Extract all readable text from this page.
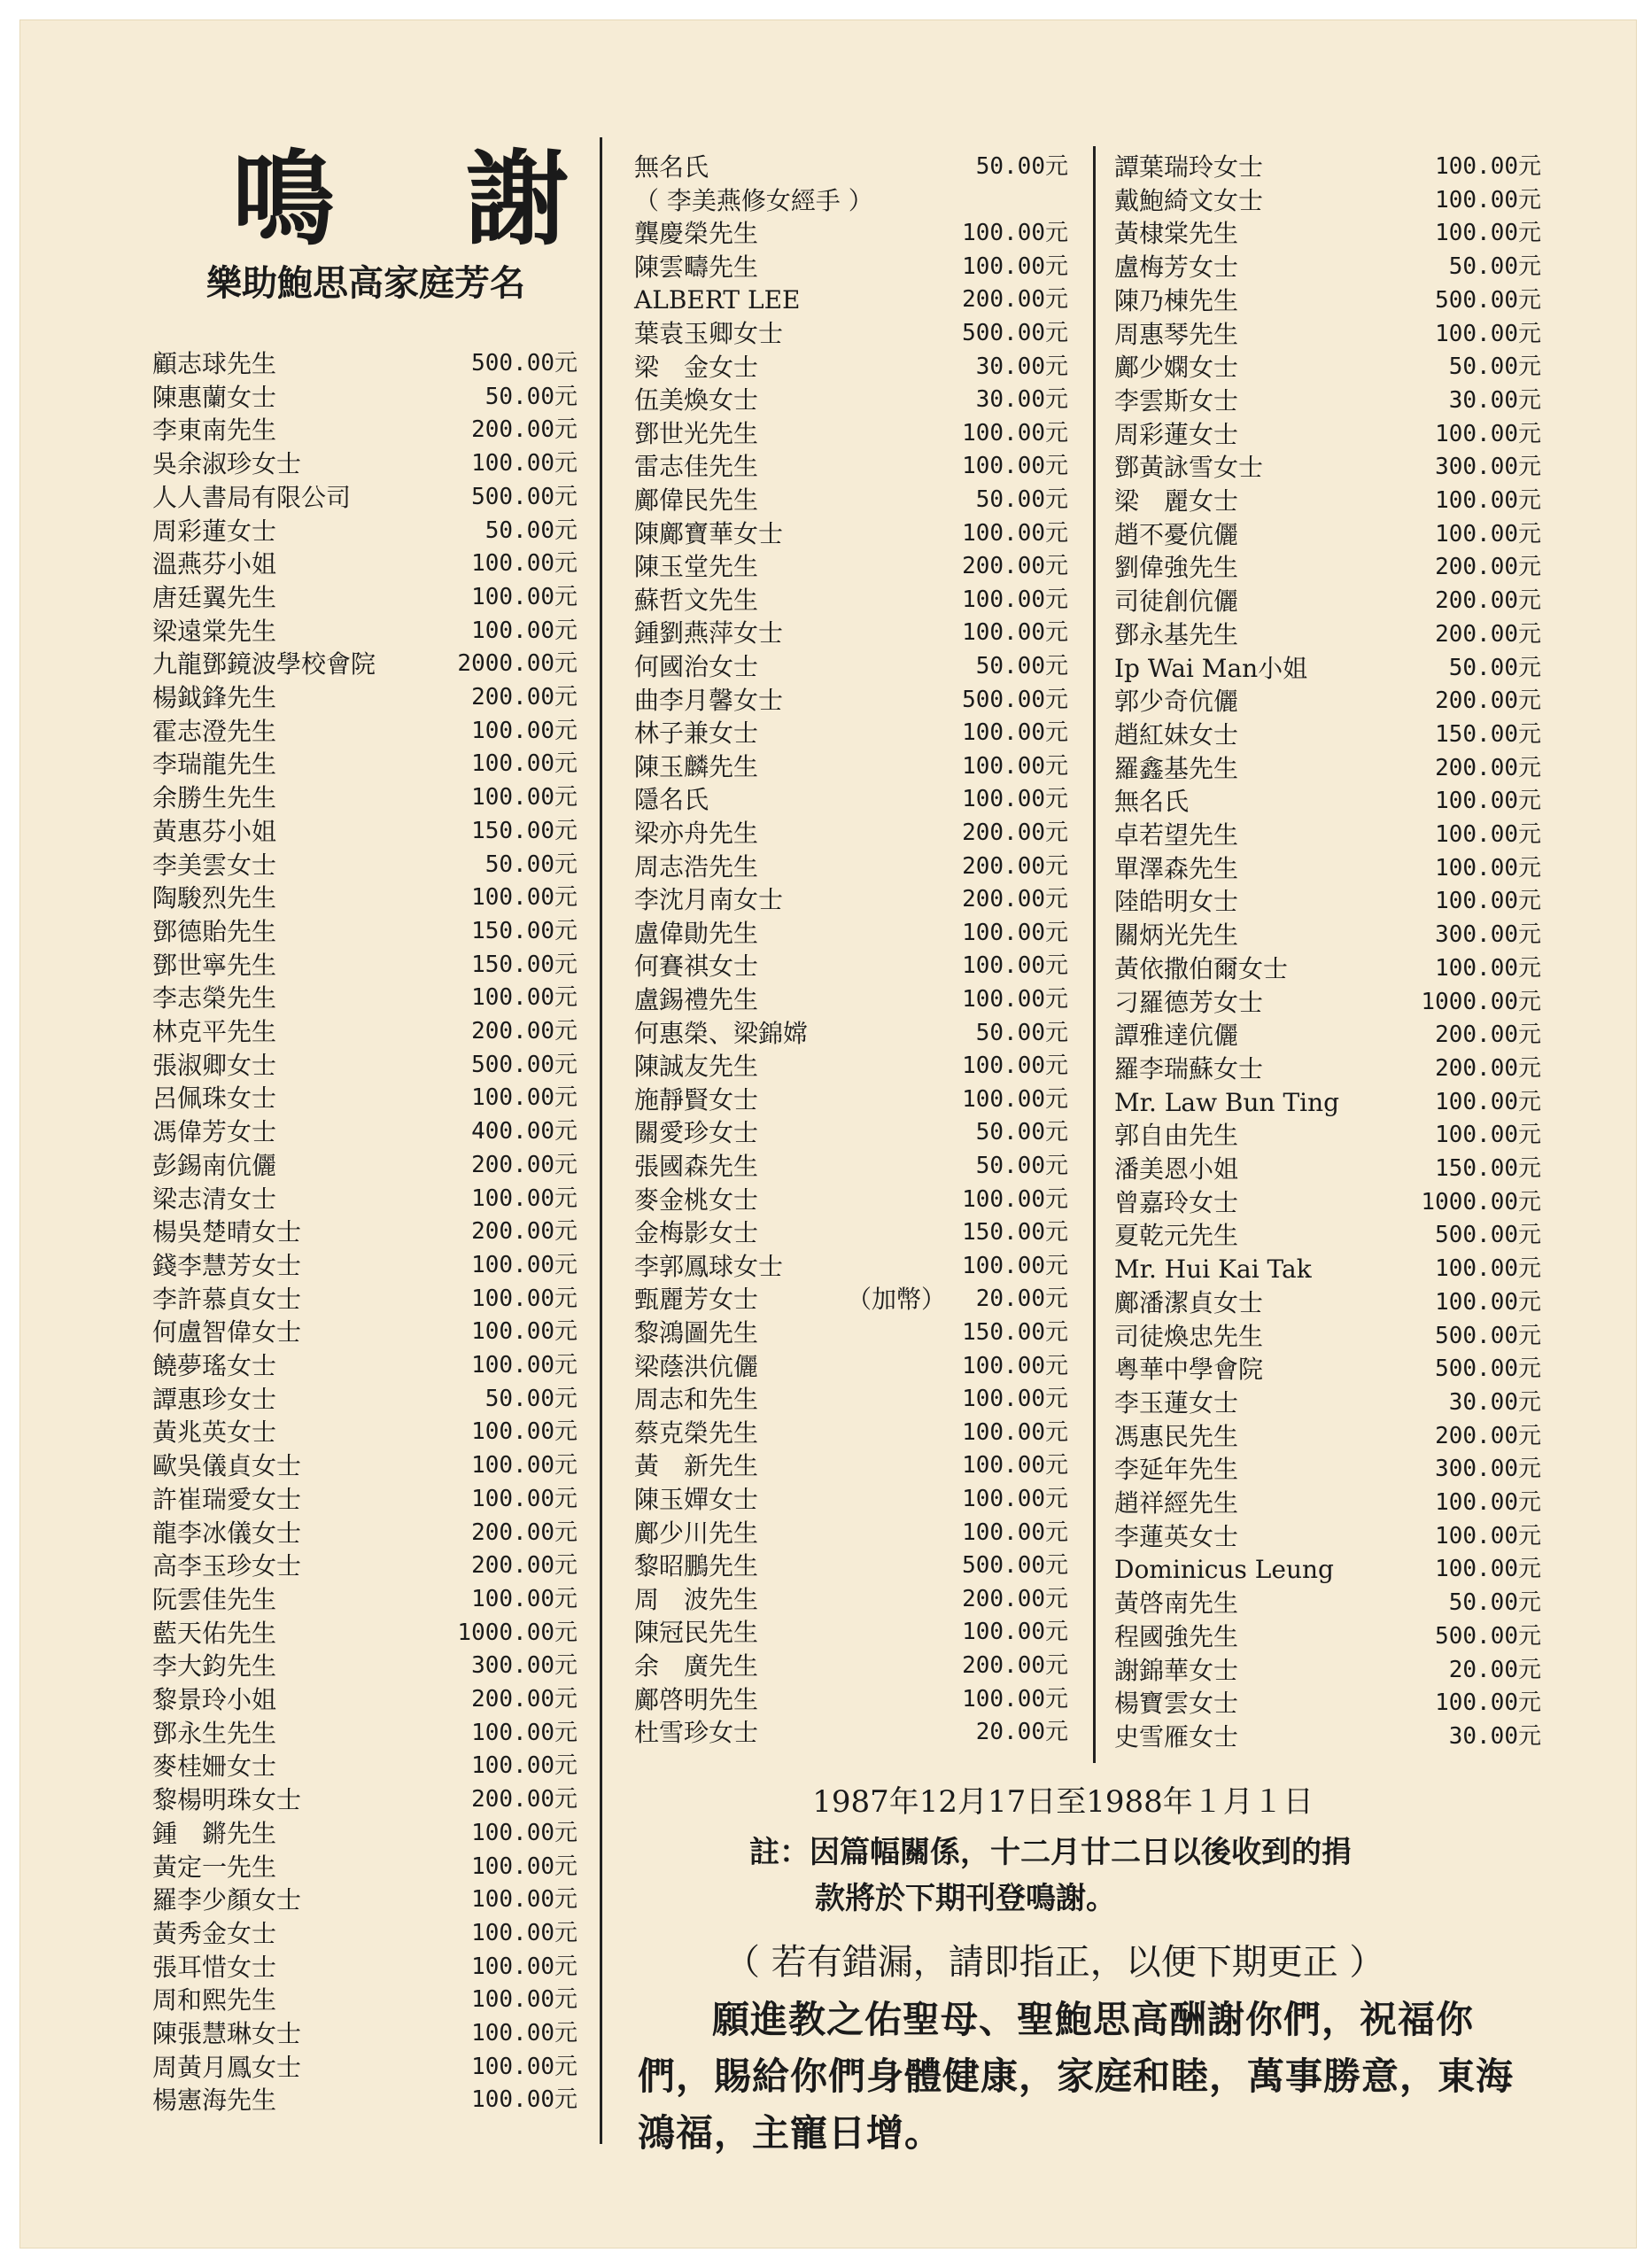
鳴 謝
樂助鮑思高家庭芳名
顧志球先生	500.00元
陳惠蘭女士	50.00元
李東南先生	200.00元
吳余淑珍女士	100.00元
人人書局有限公司	500.00元
周彩蓮女士	50.00元
溫燕芬小姐	100.00元
唐廷翼先生	100.00元
梁遠棠先生	100.00元
九龍鄧鏡波學校會院	2000.00元
楊鉞鋒先生	200.00元
霍志澄先生	100.00元
李瑞龍先生	100.00元
余勝生先生	100.00元
黃惠芬小姐	150.00元
李美雲女士	50.00元
陶駿烈先生	100.00元
鄧德貽先生	150.00元
鄧世寧先生	150.00元
李志榮先生	100.00元
林克平先生	200.00元
張淑卿女士	500.00元
呂佩珠女士	100.00元
馮偉芳女士	400.00元
彭錫南伉儷	200.00元
梁志清女士	100.00元
楊吳楚晴女士	200.00元
錢李慧芳女士	100.00元
李許慕貞女士	100.00元
何盧智偉女士	100.00元
饒夢瑤女士	100.00元
譚惠珍女士	50.00元
黃兆英女士	100.00元
歐吳儀貞女士	100.00元
許崔瑞愛女士	100.00元
龍李冰儀女士	200.00元
高李玉珍女士	200.00元
阮雲佳先生	100.00元
藍天佑先生	1000.00元
李大鈞先生	300.00元
黎景玲小姐	200.00元
鄧永生先生	100.00元
麥桂姍女士	100.00元
黎楊明珠女士	200.00元
鍾　鏘先生	100.00元
黃定一先生	100.00元
羅李少顏女士	100.00元
黃秀金女士	100.00元
張耳惜女士	100.00元
周和熙先生	100.00元
陳張慧琳女士	100.00元
周黃月鳳女士	100.00元
楊憲海先生	100.00元
無名氏	50.00元
（ 李美燕修女經手 ）
龔慶榮先生	100.00元
陳雲疇先生	100.00元
ALBERT LEE	200.00元
葉袁玉卿女士	500.00元
梁　金女士	30.00元
伍美煥女士	30.00元
鄧世光先生	100.00元
雷志佳先生	100.00元
鄺偉民先生	50.00元
陳鄺寶華女士	100.00元
陳玉堂先生	200.00元
蘇哲文先生	100.00元
鍾劉燕萍女士	100.00元
何國治女士	50.00元
曲李月馨女士	500.00元
林子兼女士	100.00元
陳玉麟先生	100.00元
隱名氏	100.00元
梁亦舟先生	200.00元
周志浩先生	200.00元
李沈月南女士	200.00元
盧偉勛先生	100.00元
何賽祺女士	100.00元
盧錫禮先生	100.00元
何惠榮、梁錦嫦	50.00元
陳誠友先生	100.00元
施靜賢女士	100.00元
關愛珍女士	50.00元
張國森先生	50.00元
麥金桃女士	100.00元
金梅影女士	150.00元
李郭鳳球女士	100.00元
甄麗芳女士	（加幣） 20.00元
黎鴻圖先生	150.00元
梁蔭洪伉儷	100.00元
周志和先生	100.00元
蔡克榮先生	100.00元
黃　新先生	100.00元
陳玉嬋女士	100.00元
鄺少川先生	100.00元
黎昭鵬先生	500.00元
周　波先生	200.00元
陳冠民先生	100.00元
余　廣先生	200.00元
鄺啓明先生	100.00元
杜雪珍女士	20.00元
譚葉瑞玲女士	100.00元
戴鮑綺文女士	100.00元
黃棣棠先生	100.00元
盧梅芳女士	50.00元
陳乃棟先生	500.00元
周惠琴先生	100.00元
鄺少嫻女士	50.00元
李雲斯女士	30.00元
周彩蓮女士	100.00元
鄧黃詠雪女士	300.00元
梁　麗女士	100.00元
趙不憂伉儷	100.00元
劉偉強先生	200.00元
司徒創伉儷	200.00元
鄧永基先生	200.00元
Ip Wai Man小姐	50.00元
郭少奇伉儷	200.00元
趙紅妹女士	150.00元
羅鑫基先生	200.00元
無名氏	100.00元
卓若望先生	100.00元
單澤森先生	100.00元
陸皓明女士	100.00元
關炳光先生	300.00元
黃依撒伯爾女士	100.00元
刁羅德芳女士	1000.00元
譚雅達伉儷	200.00元
羅李瑞蘇女士	200.00元
Mr. Law Bun Ting	100.00元
郭自由先生	100.00元
潘美恩小姐	150.00元
曾嘉玲女士	1000.00元
夏乾元先生	500.00元
Mr. Hui Kai Tak	100.00元
鄺潘潔貞女士	100.00元
司徒煥忠先生	500.00元
粵華中學會院	500.00元
李玉蓮女士	30.00元
馮惠民先生	200.00元
李延年先生	300.00元
趙祥經先生	100.00元
李蓮英女士	100.00元
Dominicus Leung	100.00元
黃啓南先生	50.00元
程國強先生	500.00元
謝錦華女士	20.00元
楊寶雲女士	100.00元
史雪雁女士	30.00元
1987年12月17日至1988年１月１日
註：因篇幅關係，十二月廿二日以後收到的捐
款將於下期刊登鳴謝。
（ 若有錯漏，請即指正，以便下期更正 ）
願進教之佑聖母、聖鮑思高酬謝你們，祝福你們，賜給你們身體健康，家庭和睦，萬事勝意，東海鴻福，主寵日增。
